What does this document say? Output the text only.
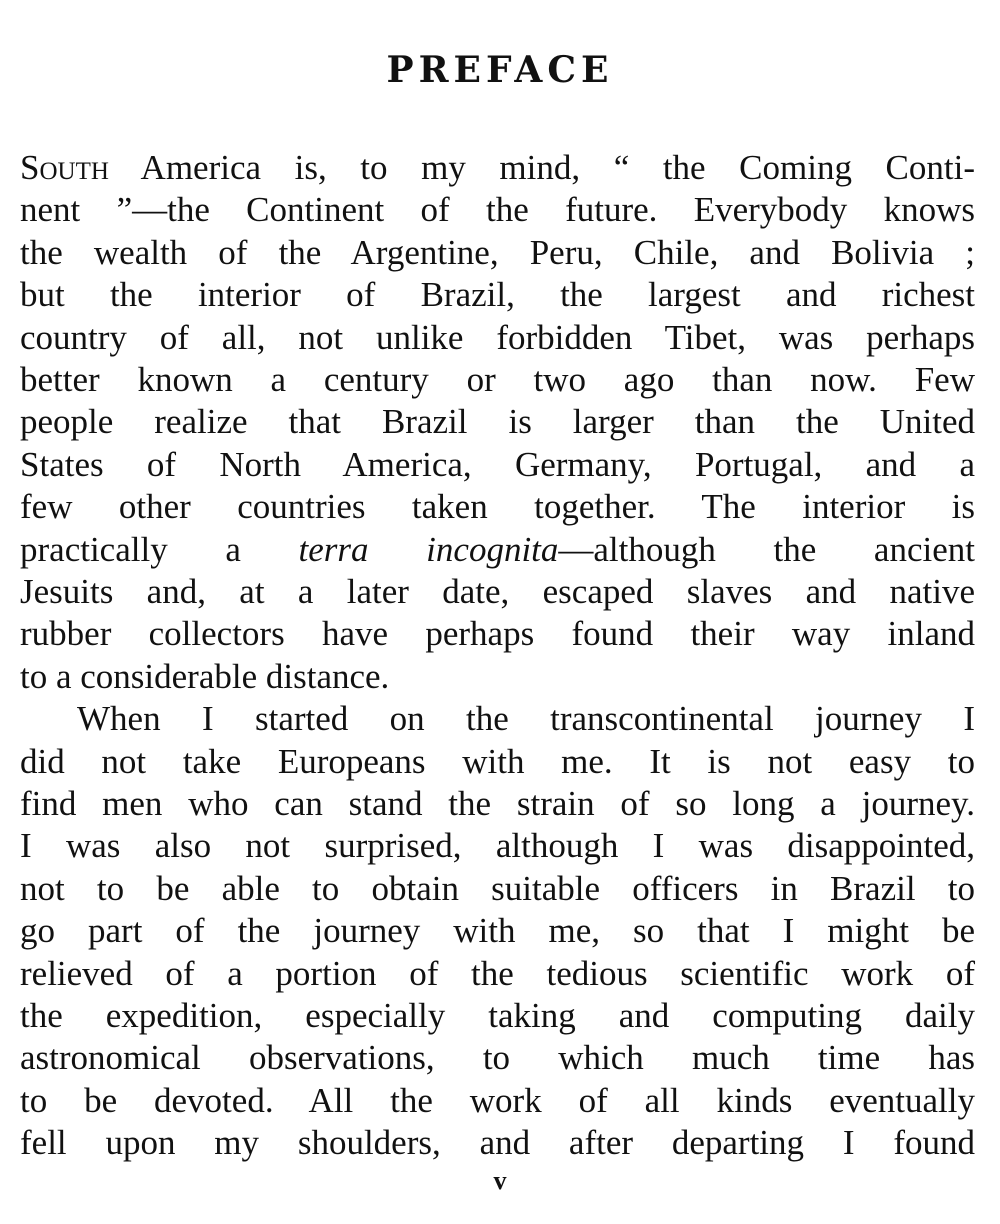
PREFACE
South America is, to my mind, “ the Coming Conti-
nent ”—the Continent of the future. Everybody knows
the wealth of the Argentine, Peru, Chile, and Bolivia ;
but the interior of Brazil, the largest and richest
country of all, not unlike forbidden Tibet, was perhaps
better known a century or two ago than now. Few
people realize that Brazil is larger than the United
States of North America, Germany, Portugal, and a
few other countries taken together. The interior is
practically a terra incognita—although the ancient
Jesuits and, at a later date, escaped slaves and native
rubber collectors have perhaps found their way inland
to a considerable distance.
When I started on the transcontinental journey I
did not take Europeans with me. It is not easy to
find men who can stand the strain of so long a journey.
I was also not surprised, although I was disappointed,
not to be able to obtain suitable officers in Brazil to
go part of the journey with me, so that I might be
relieved of a portion of the tedious scientific work of
the expedition, especially taking and computing daily
astronomical observations, to which much time has
to be devoted. All the work of all kinds eventually
fell upon my shoulders, and after departing I found
v
